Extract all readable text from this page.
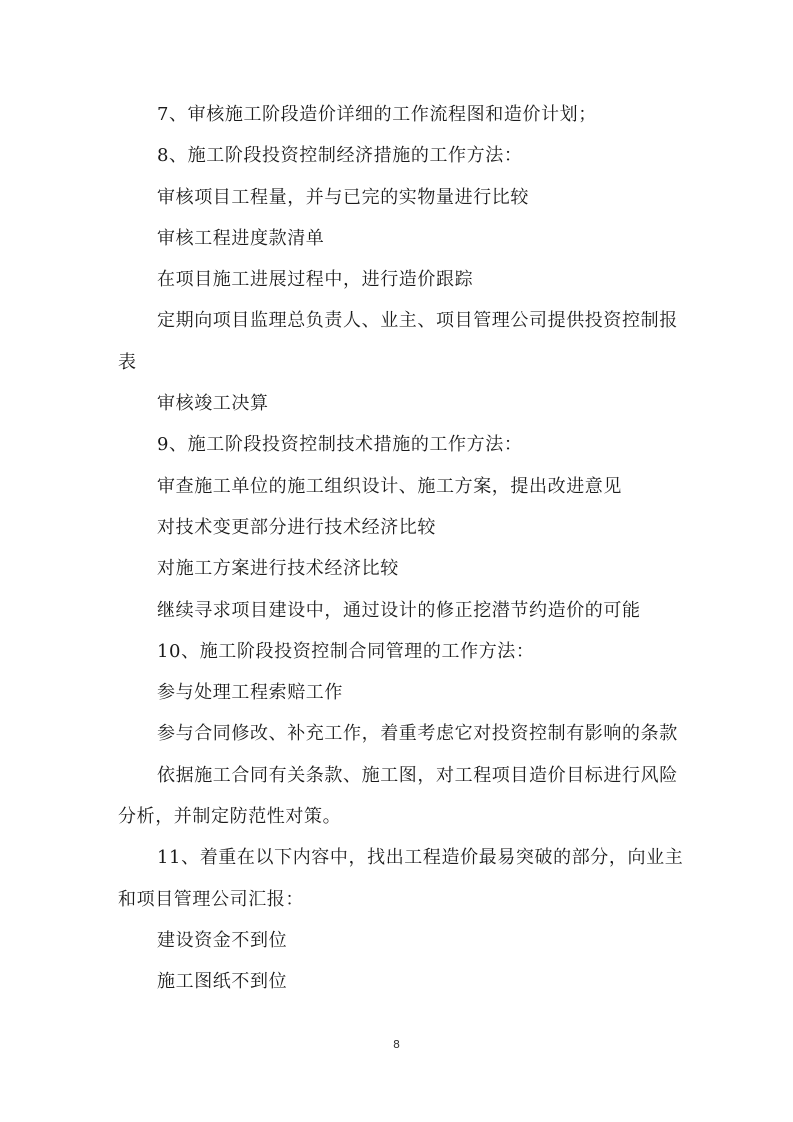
7、审核施工阶段造价详细的工作流程图和造价计划；
8、施工阶段投资控制经济措施的工作方法：
审核项目工程量，并与已完的实物量进行比较
审核工程进度款清单
在项目施工进展过程中，进行造价跟踪
定期向项目监理总负责人、业主、项目管理公司提供投资控制报
表
审核竣工决算
9、施工阶段投资控制技术措施的工作方法：
审查施工单位的施工组织设计、施工方案，提出改进意见
对技术变更部分进行技术经济比较
对施工方案进行技术经济比较
继续寻求项目建设中，通过设计的修正挖潜节约造价的可能
10、施工阶段投资控制合同管理的工作方法：
参与处理工程索赔工作
参与合同修改、补充工作，着重考虑它对投资控制有影响的条款
依据施工合同有关条款、施工图，对工程项目造价目标进行风险
分析，并制定防范性对策。
11、着重在以下内容中，找出工程造价最易突破的部分，向业主
和项目管理公司汇报：
建设资金不到位
施工图纸不到位
8
